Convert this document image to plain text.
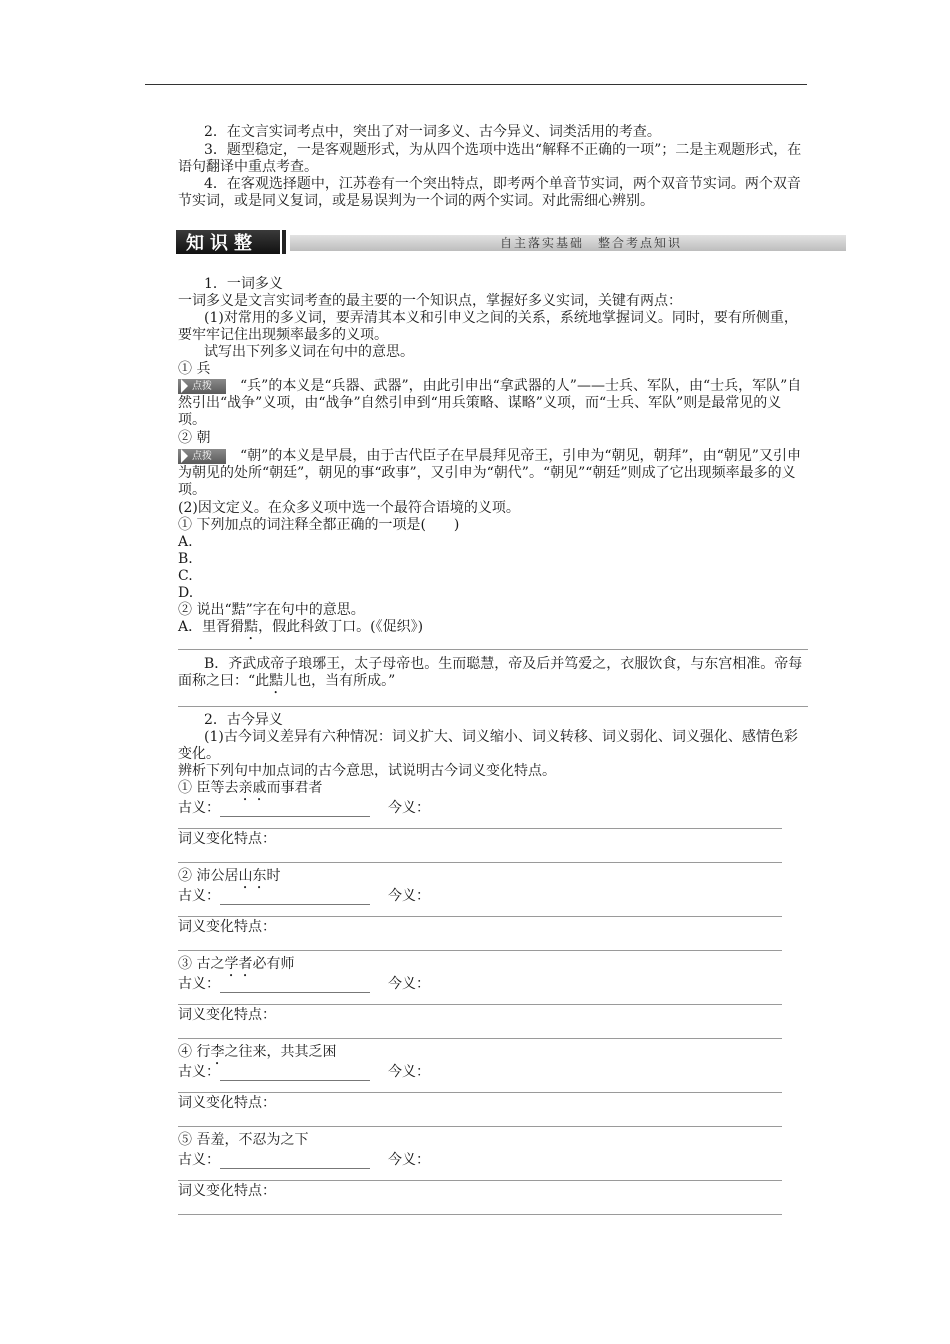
2．在文言实词考点中，突出了对一词多义、古今异义、词类活用的考查。

3．题型稳定，一是客观题形式，为从四个选项中选出“解释不正确的一项”；二是主观题形式，在语句翻译中重点考查。

4．在客观选择题中，江苏卷有一个突出特点，即考两个单音节实词，两个双音节实词。两个双音节实词，或是同义复词，或是易误判为一个词的两个实词。对此需细心辨别。

知识整合
自主落实基础　整合考点知识
1．一词多义
一词多义是文言实词考查的最主要的一个知识点，掌握好多义实词，关键有两点：

(1)对常用的多义词，要弄清其本义和引申义之间的关系，系统地掌握词义。同时，要有所侧重，要牢牢记住出现频率最多的义项。

试写出下列多义词在句中的意思。
① 兵

点拨　 “兵”的本义是“兵器、武器”，由此引申出“拿武器的人”——士兵、军队，由“士兵，军队”自然引出“战争”义项，由“战争”自然引申到“用兵策略、谋略”义项，而“士兵、军队”则是最常见的义项。

② 朝

点拨　 “朝”的本义是早晨，由于古代臣子在早晨拜见帝王，引申为“朝见，朝拜”，由“朝见”又引申为朝见的处所“朝廷”，朝见的事“政事”，又引申为“朝代”。“朝见”“朝廷”则成了它出现频率最多的义项。

(2)因文定义。在众多义项中选一个最符合语境的义项。
① 下列加点的词注释全都正确的一项是(　　)
A.
B.
C.
D.
② 说出“黠”字在句中的意思。
A．里胥猾黠，假此科敛丁口。(《促织》)

B．齐武成帝子琅琊王，太子母帝也。生而聪慧，帝及后并笃爱之，衣服饮食，与东宫相准。帝每面称之曰：“此黠儿也，当有所成。”

2．古今异义

(1)古今词义差异有六种情况：词义扩大、词义缩小、词义转移、词义弱化、词义强化、感情色彩变化。

辨析下列句中加点词的古今意思，试说明古今词义变化特点。
① 臣等去亲戚而事君者
古义：	今义：
词义变化特点：
② 沛公居山东时
古义：	今义：
词义变化特点：
③ 古之学者必有师
古义：	今义：
词义变化特点：
④ 行李之往来，共其乏困
古义：	今义：
词义变化特点：
⑤ 吾羞，不忍为之下
古义：	今义：
词义变化特点：
